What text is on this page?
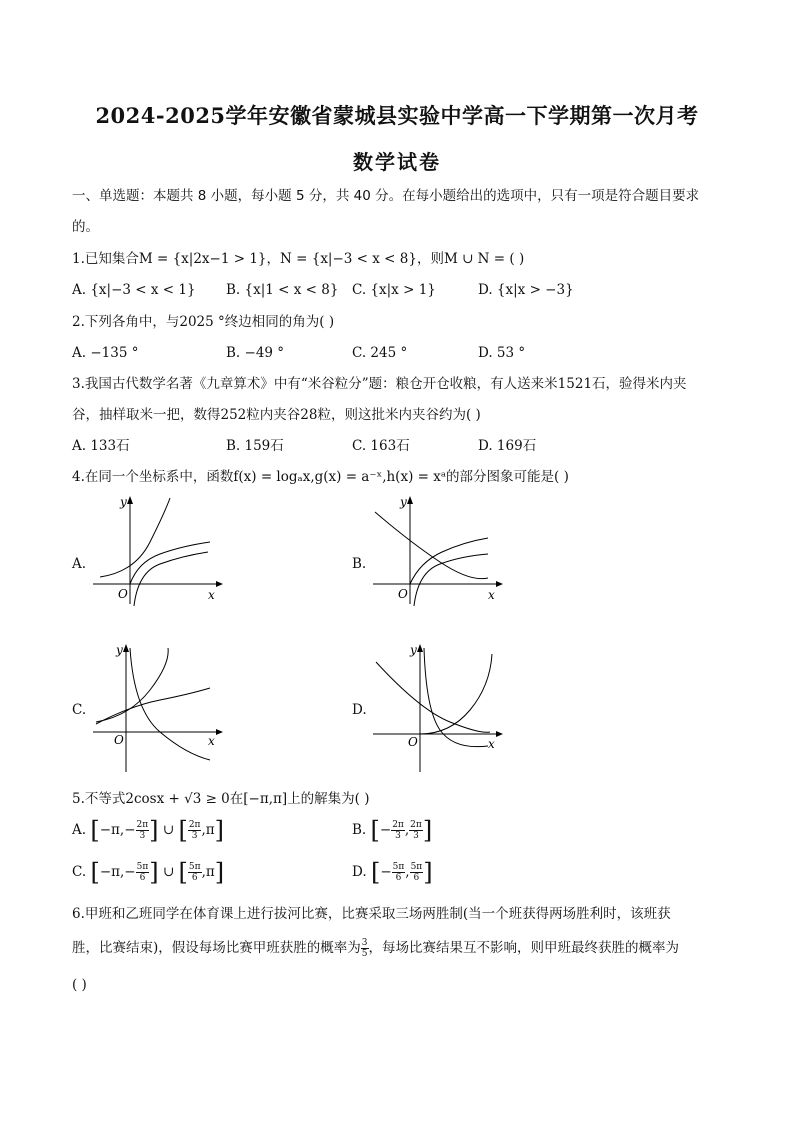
2024-2025学年安徽省蒙城县实验中学高一下学期第一次月考
数学试卷
一、单选题：本题共 8 小题，每小题 5 分，共 40 分。在每小题给出的选项中，只有一项是符合题目要求
的。
1.已知集合M = {x|2x−1 > 1}，N = {x|−3 < x < 8}，则M ∪ N = ( )
A. {x|−3 < x < 1} B. {x|1 < x < 8} C. {x|x > 1}	D. {x|x > −3}
2.下列各角中，与2025 °终边相同的角为( )
A. −135 °	B. −49 °	C. 245 °	D. 53 °
3.我国古代数学名著《九章算术》中有“米谷粒分”题：粮仓开仓收粮，有人送来米1521石，验得米内夹
谷，抽样取米一把，数得252粒内夹谷28粒，则这批米内夹谷约为( )
A. 133石	B. 159石	C. 163石	D. 169石
4.在同一个坐标系中，函数f(x) = logₐx,g(x) = a⁻ˣ,h(x) = xᵃ的部分图象可能是( )
A.
y
x
O
B.
y
x
O
C.
y
x
O
D.
y
x
O
5.不等式2cosx + √3 ≥ 0在[−π,π]上的解集为( )
A. [$-\pi,- \frac{2\pi}{3}$ ] ∪ [ $\frac{2\pi}{3} ,\pi$]	B. [− $\frac{2\pi}{3}$ , $\frac{2\pi}{3}$ ]
C. [$-\pi,- \frac{5\pi}{6}$ ] ∪ [ $\frac{5\pi}{6} ,\pi$]	D. [− $\frac{5\pi}{6}$ , $\frac{5\pi}{6}$ ]
6.甲班和乙班同学在体育课上进行拔河比赛，比赛采取三场两胜制(当一个班获得两场胜利时，该班获
胜，比赛结束)，假设每场比赛甲班获胜的概率为 $\frac{3}{5}$ ，每场比赛结果互不影响，则甲班最终获胜的概率为
( )
